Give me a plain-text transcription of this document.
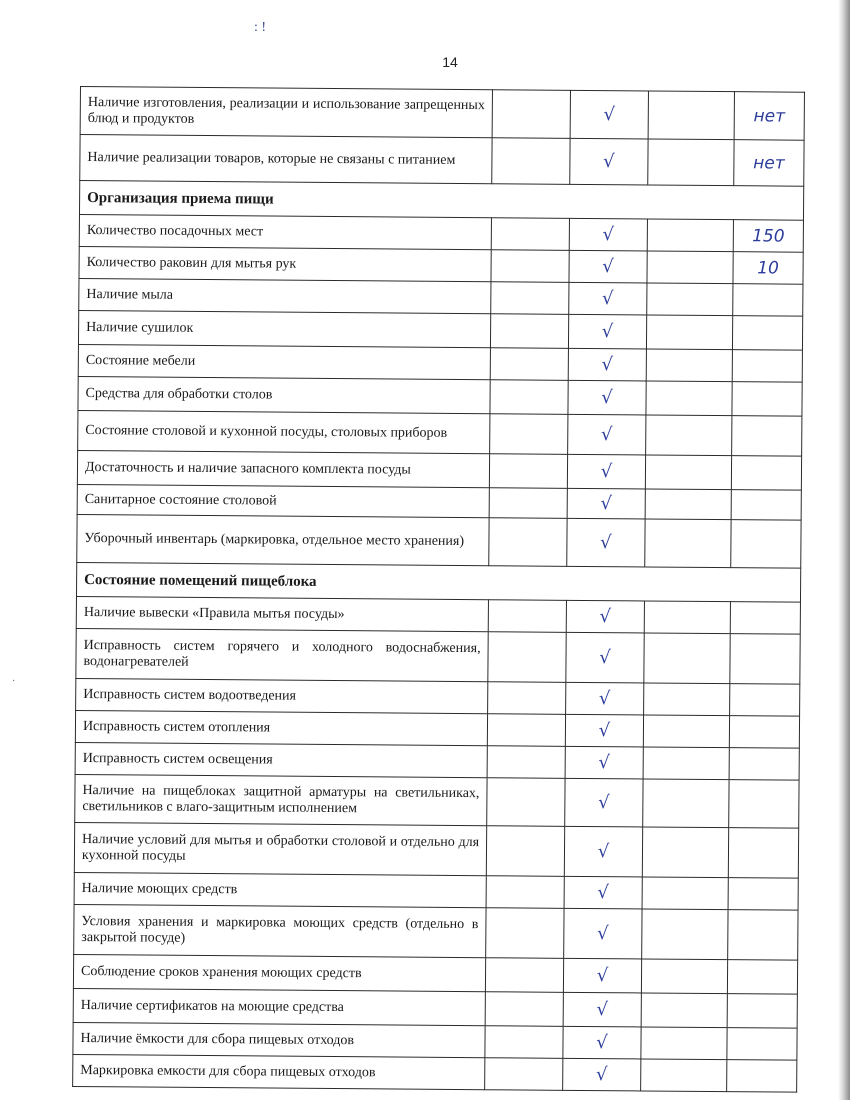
: !
·
14
Наличие изготовления, реализации и использование запрещенных блюд и продуктов		√		нет
Наличие реализации товаров, которые не связаны с питанием		√		нет
Организация приема пищи				
Количество посадочных мест		√		150
Количество раковин для мытья рук		√		10
Наличие мыла		√		
Наличие сушилок		√		
Состояние мебели		√		
Средства для обработки столов		√		
Состояние столовой и кухонной посуды, столовых приборов		√		
Достаточность и наличие запасного комплекта посуды		√		
Санитарное состояние столовой		√		
Уборочный инвентарь (маркировка, отдельное место хранения)		√		
Состояние помещений пищеблока				
Наличие вывески «Правила мытья посуды»		√		
Исправность систем горячего и холодного водоснабжения, водонагревателей		√		
Исправность систем водоотведения		√		
Исправность систем отопления		√		
Исправность систем освещения		√		
Наличие на пищеблоках защитной арматуры на светильниках, светильников с влаго-защитным исполнением		√		
Наличие условий для мытья и обработки столовой и отдельно для кухонной посуды		√		
Наличие моющих средств		√		
Условия хранения и маркировка моющих средств (отдельно в закрытой посуде)		√		
Соблюдение сроков хранения моющих средств		√		
Наличие сертификатов на моющие средства		√		
Наличие ёмкости для сбора пищевых отходов		√		
Маркировка емкости для сбора пищевых отходов		√		
